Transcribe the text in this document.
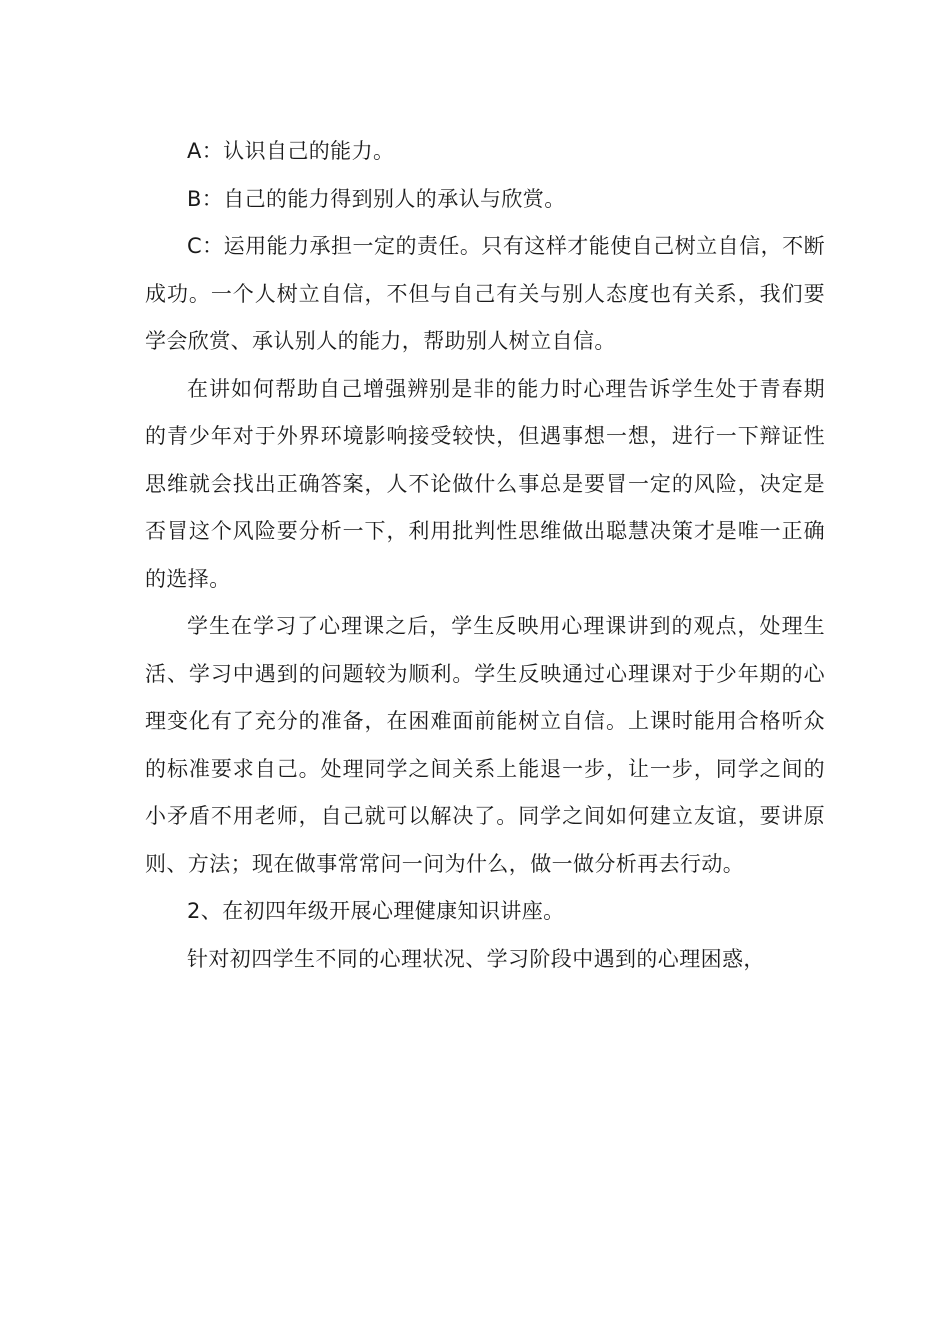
A：认识自己的能力。

B：自己的能力得到别人的承认与欣赏。

C：运用能力承担一定的责任。只有这样才能使自己树立自信，不断成功。一个人树立自信，不但与自己有关与别人态度也有关系，我们要学会欣赏、承认别人的能力，帮助别人树立自信。

在讲如何帮助自己增强辨别是非的能力时心理告诉学生处于青春期的青少年对于外界环境影响接受较快，但遇事想一想，进行一下辩证性思维就会找出正确答案，人不论做什么事总是要冒一定的风险，决定是否冒这个风险要分析一下，利用批判性思维做出聪慧决策才是唯一正确的选择。

学生在学习了心理课之后，学生反映用心理课讲到的观点，处理生活、学习中遇到的问题较为顺利。学生反映通过心理课对于少年期的心理变化有了充分的准备，在困难面前能树立自信。上课时能用合格听众的标准要求自己。处理同学之间关系上能退一步，让一步，同学之间的小矛盾不用老师，自己就可以解决了。同学之间如何建立友谊，要讲原则、方法；现在做事常常问一问为什么，做一做分析再去行动。

2、在初四年级开展心理健康知识讲座。

针对初四学生不同的心理状况、学习阶段中遇到的心理困惑，
